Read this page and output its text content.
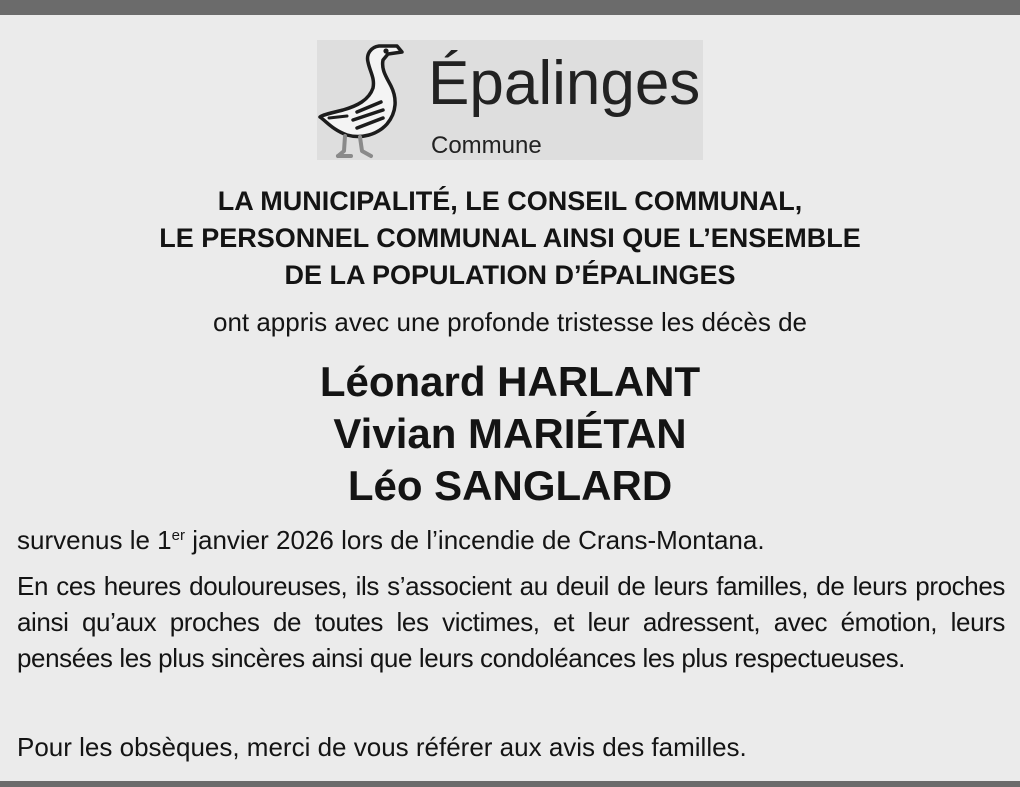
Épalinges
Commune
LA MUNICIPALITÉ, LE CONSEIL COMMUNAL,
LE PERSONNEL COMMUNAL AINSI QUE L’ENSEMBLE
DE LA POPULATION D’ÉPALINGES
ont appris avec une profonde tristesse les décès de
Léonard HARLANT
Vivian MARIÉTAN
Léo SANGLARD
survenus le 1er janvier 2026 lors de l’incendie de Crans-Montana.
En ces heures douloureuses, ils s’associent au deuil de leurs familles, de leurs proches ainsi qu’aux proches de toutes les victimes, et leur adressent, avec émotion, leurs pensées les plus sincères ainsi que leurs condoléances les plus respectueuses.
Pour les obsèques, merci de vous référer aux avis des familles.
